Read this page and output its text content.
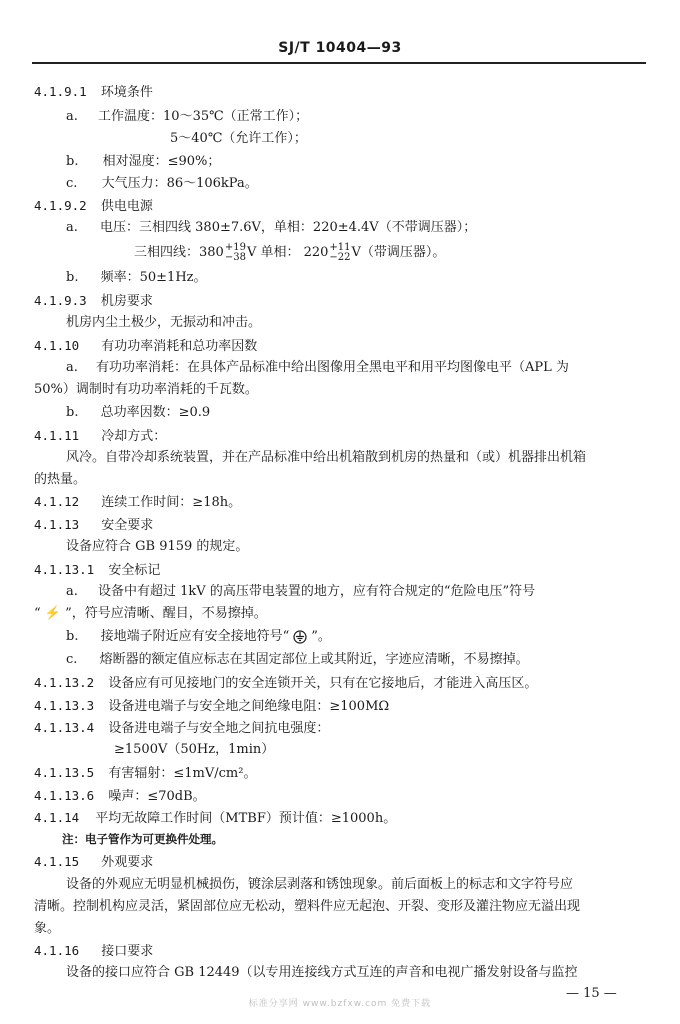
SJ/T 10404—93
4.1.9.1 环境条件
a. 工作温度：10～35℃（正常工作）；
5～40℃（允许工作）；
b. 相对湿度：≤90%；
c. 大气压力：86～106kPa。
4.1.9.2 供电电源
a. 电压：三相四线 380±7.6V，单相：220±4.4V（不带调压器）；
三相四线：380 +19
−38 V 单相： 220 +11
−22 V（带调压器）。
b. 频率：50±1Hz。
4.1.9.3 机房要求
机房内尘土极少，无振动和冲击。
4.1.10 有功功率消耗和总功率因数
a. 有功功率消耗：在具体产品标准中给出图像用全黑电平和用平均图像电平（APL 为
50%）调制时有功功率消耗的千瓦数。
b. 总功率因数：≥0.9
4.1.11 冷却方式：
风冷。自带冷却系统装置，并在产品标准中给出机箱散到机房的热量和（或）机器排出机箱
的热量。
4.1.12 连续工作时间：≥18h。
4.1.13 安全要求
设备应符合 GB 9159 的规定。
4.1.13.1 安全标记
a. 设备中有超过 1kV 的高压带电装置的地方，应有符合规定的“危险电压”符号
“ ⚡ ”，符号应清晰、醒目，不易擦掉。
b. 接地端子附近应有安全接地符号“ ”。
c. 熔断器的额定值应标志在其固定部位上或其附近，字迹应清晰，不易擦掉。
4.1.13.2 设备应有可见接地门的安全连锁开关，只有在它接地后，才能进入高压区。
4.1.13.3 设备进电端子与安全地之间绝缘电阻：≥100MΩ
4.1.13.4 设备进电端子与安全地之间抗电强度：
≥1500V（50Hz，1min）
4.1.13.5 有害辐射：≤1mV/cm²。
4.1.13.6 噪声：≤70dB。
4.1.14 平均无故障工作时间（MTBF）预计值：≥1000h。
注：电子管作为可更换件处理。
4.1.15 外观要求
设备的外观应无明显机械损伤，镀涂层剥落和锈蚀现象。前后面板上的标志和文字符号应
清晰。控制机构应灵活，紧固部位应无松动，塑料件应无起泡、开裂、变形及灌注物应无溢出现
象。
4.1.16 接口要求
设备的接口应符合 GB 12449（以专用连接线方式互连的声音和电视广播发射设备与监控
— 15 —
标准分享网 www.bzfxw.com 免费下载
